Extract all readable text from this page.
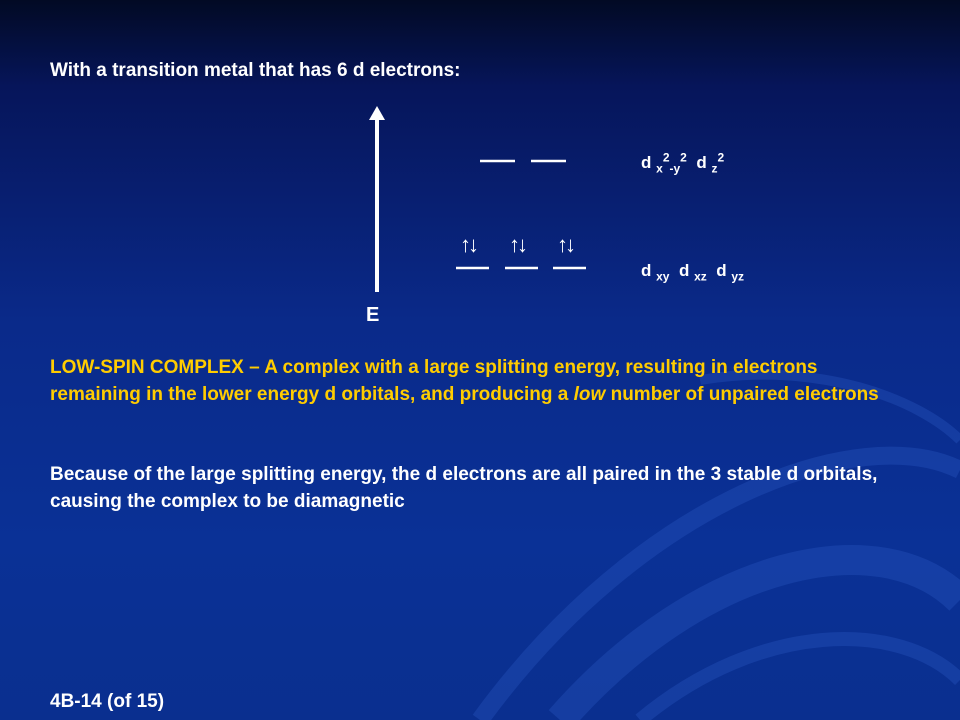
With a transition metal that has 6 d electrons:
↑↓ ↑↓ ↑↓
d $_x^2_{-y}^2$ d $_z^2$
d $_{xy}$ d $_{xz}$ d $_{yz}$
E
LOW-SPIN COMPLEX – A complex with a large splitting energy, resulting in electrons remaining in the lower energy d orbitals, and producing a low number of unpaired electrons
Because of the large splitting energy, the d electrons are all paired in the 3 stable d orbitals, causing the complex to be diamagnetic
4B-14 (of 15)
